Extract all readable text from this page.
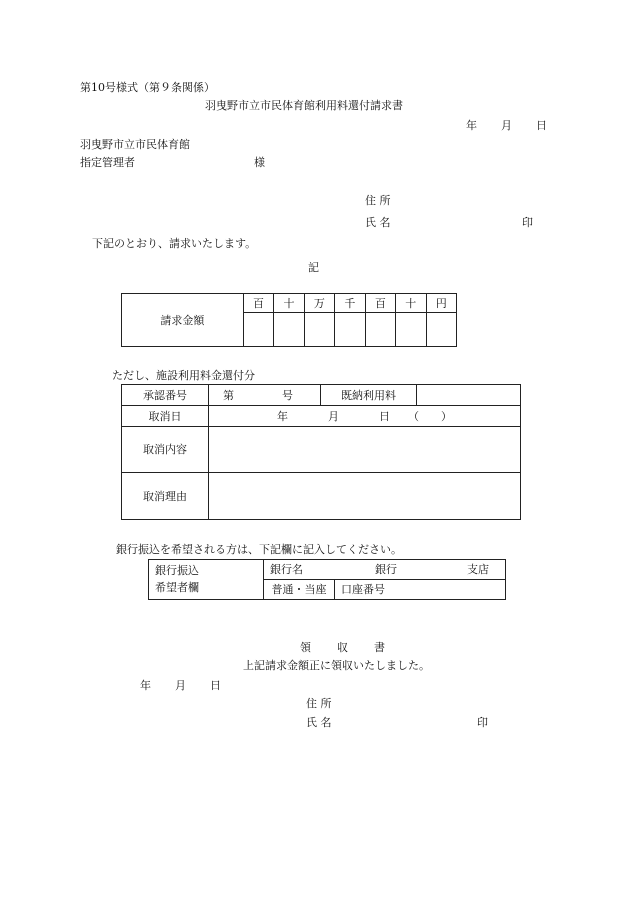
第10号様式（第９条関係）
羽曳野市立市民体育館利用料還付請求書
年 月 日
羽曳野市立市民体育館
指定管理者	様
住 所
氏 名	印
下記のとおり、請求いたします。
記
請求金額	百	十	万	千	百	十	円

ただし、施設利用料金還付分
承認番号	第 号	既納利用料	
取消日	年 月 日 （　　）		
取消内容			
取消理由			
銀行振込を希望される方は、下記欄に記入してください。
銀行振込
希望者欄	銀行名 銀行 支店	
	普通・当座	口座番号
領 収 書
上記請求金額正に領収いたしました。
年 月 日
住 所
氏 名	印
